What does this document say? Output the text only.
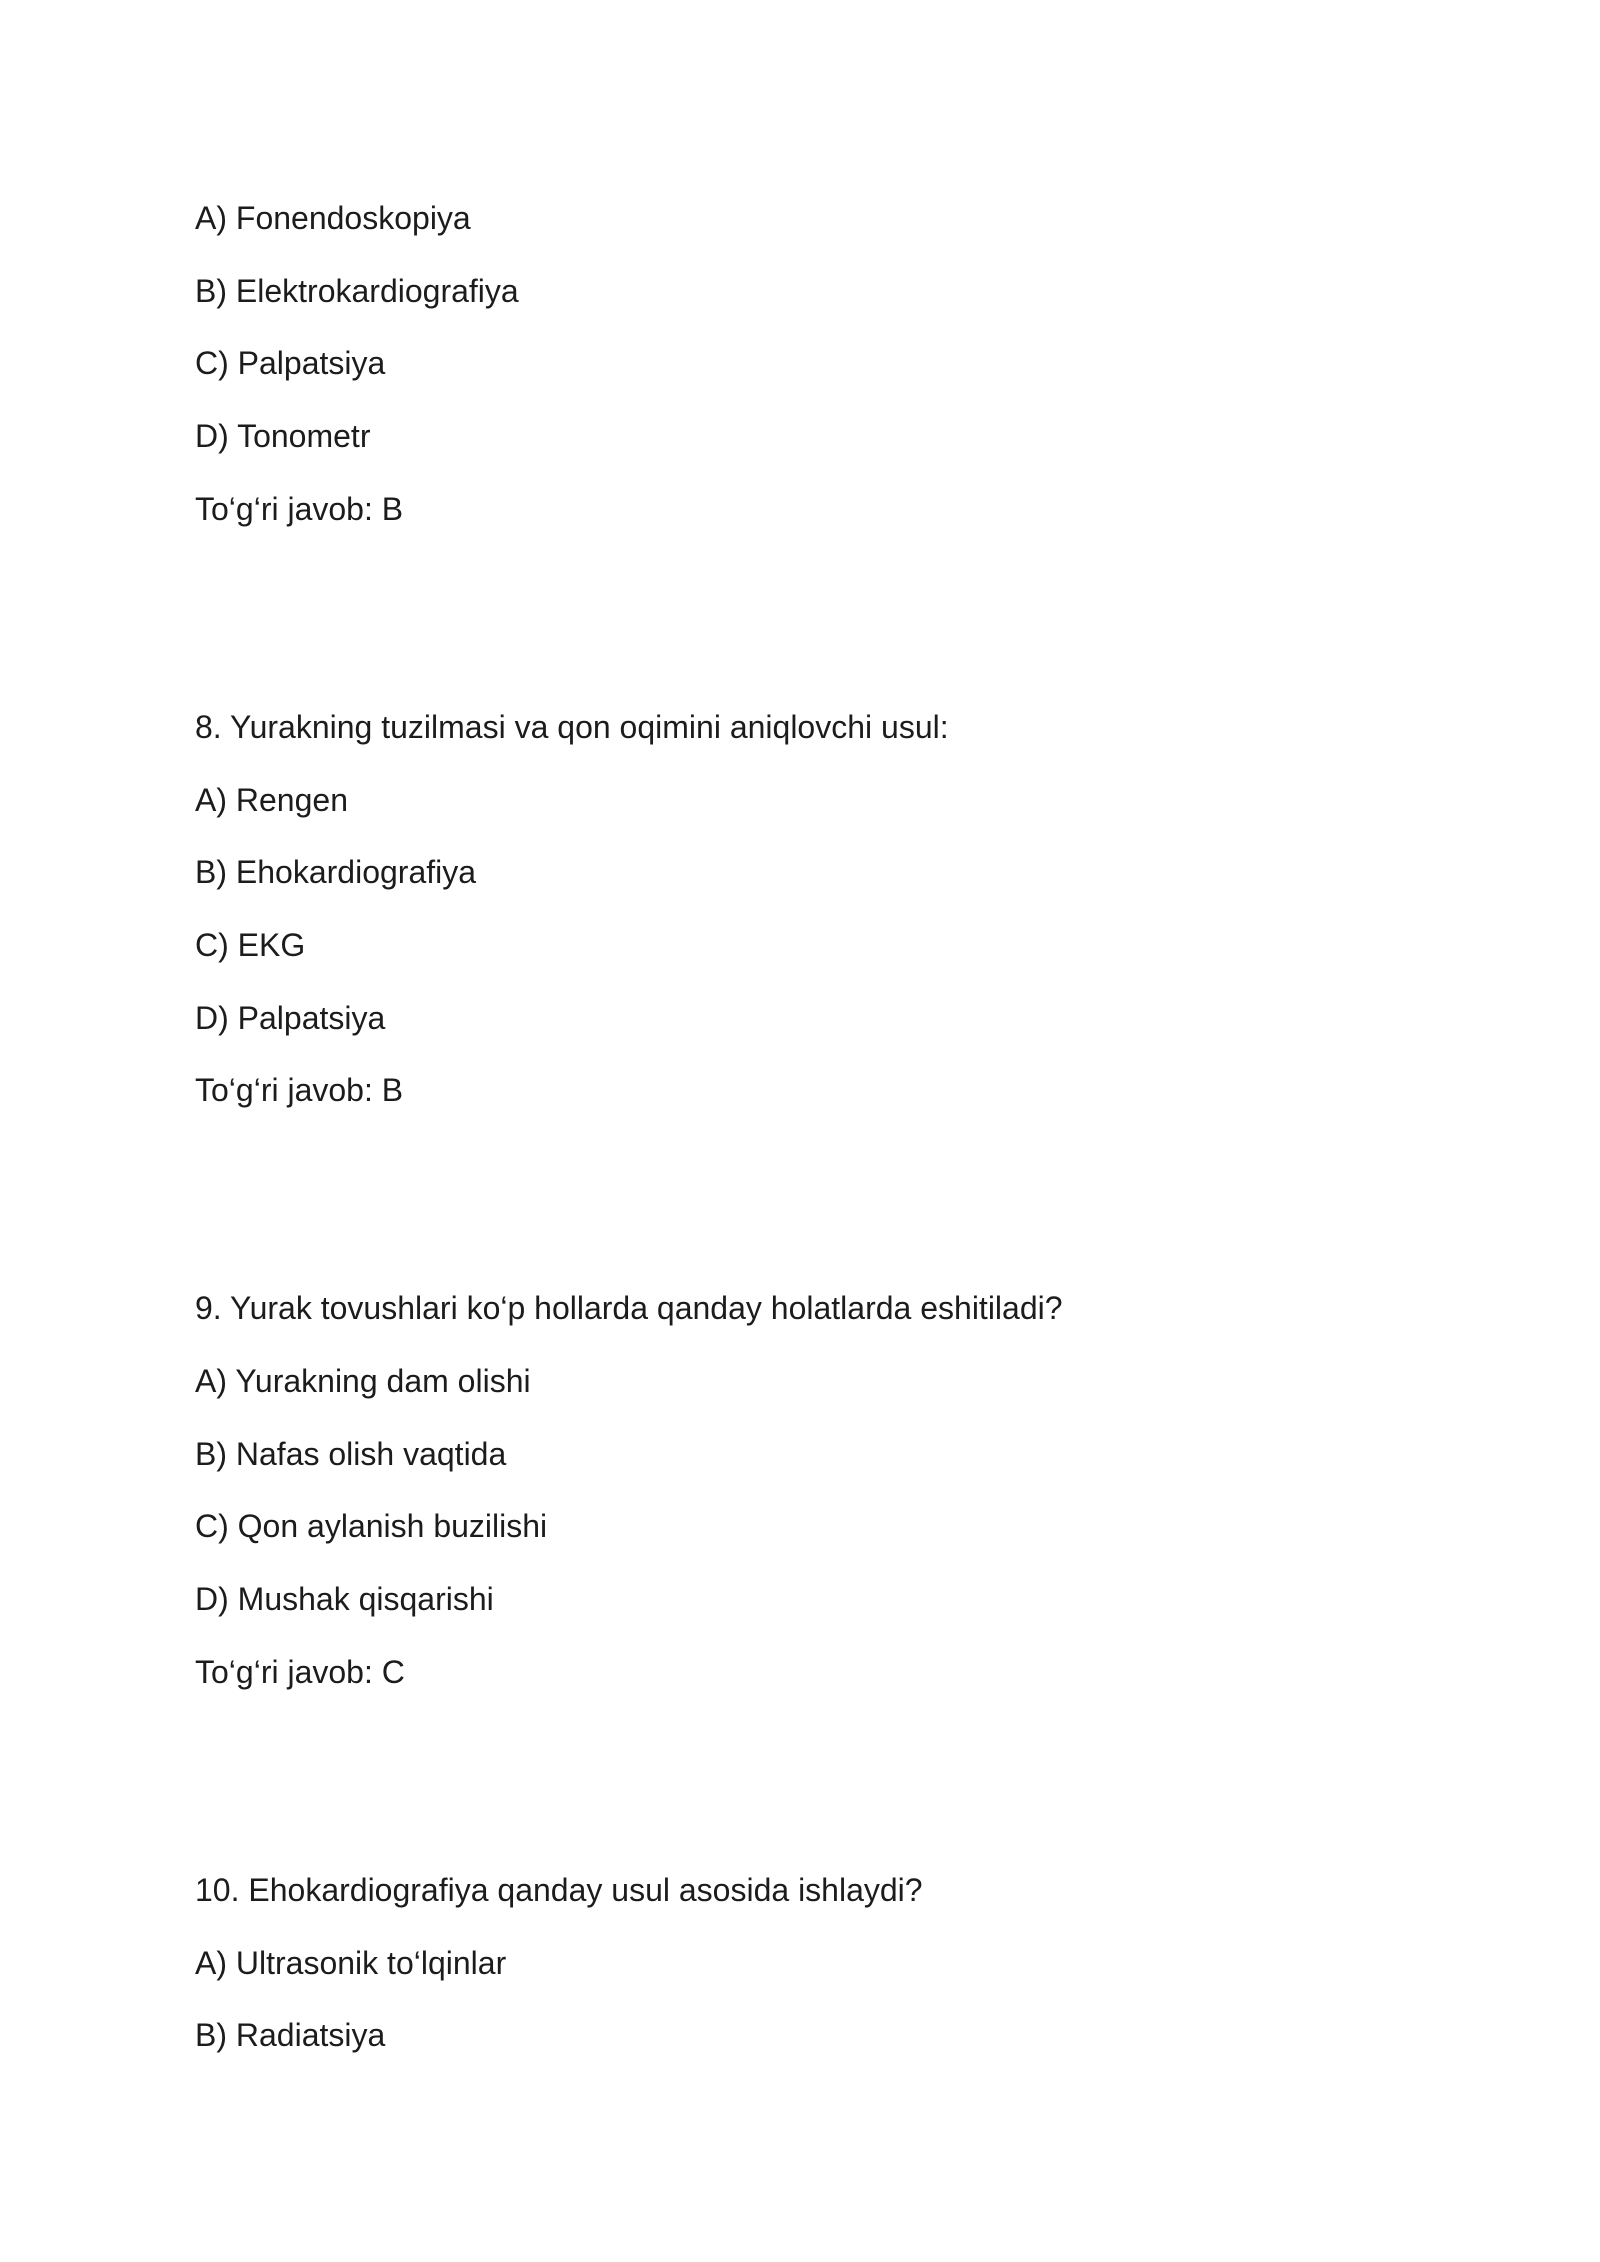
A) Fonendoskopiya
B) Elektrokardiografiya
C) Palpatsiya
D) Tonometr
To‘g‘ri javob: B
8. Yurakning tuzilmasi va qon oqimini aniqlovchi usul:
A) Rengen
B) Ehokardiografiya
C) EKG
D) Palpatsiya
To‘g‘ri javob: B
9. Yurak tovushlari ko‘p hollarda qanday holatlarda eshitiladi?
A) Yurakning dam olishi
B) Nafas olish vaqtida
C) Qon aylanish buzilishi
D) Mushak qisqarishi
To‘g‘ri javob: C
10. Ehokardiografiya qanday usul asosida ishlaydi?
A) Ultrasonik to‘lqinlar
B) Radiatsiya
